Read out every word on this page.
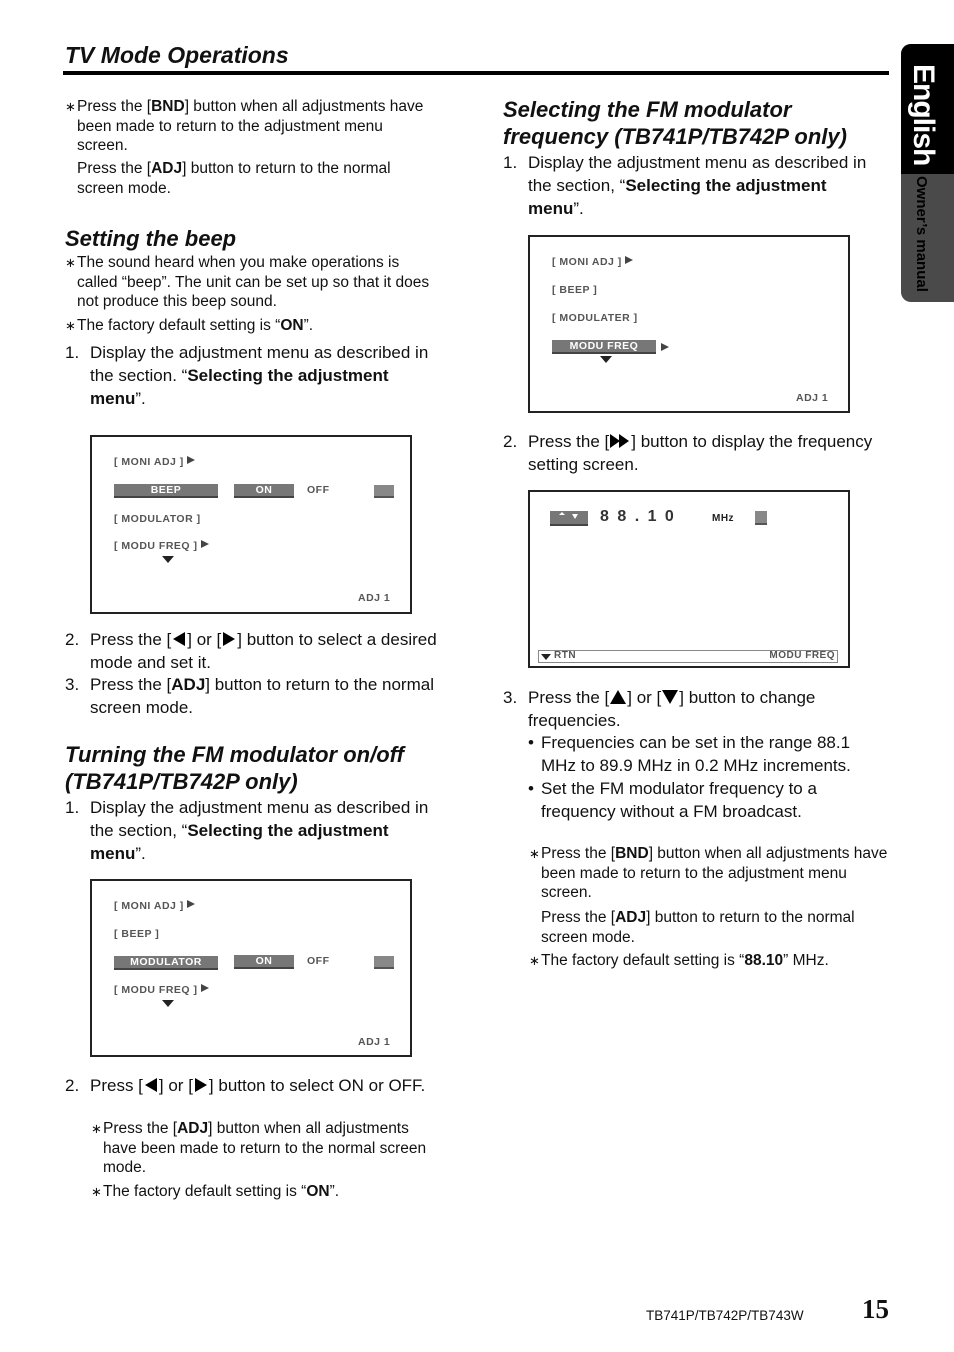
TV Mode Operations
English
Owner’s manual
∗ Press the [BND] button when all adjustments have been made to return to the adjustment menu screen.
Press the [ADJ] button to return to the normal screen mode.
Setting the beep
∗ The sound heard when you make operations is called “beep”. The unit can be set up so that it does not produce this beep sound.
∗ The factory default setting is “ON”.
1. Display the adjustment menu as described in the section. “Selecting the adjustment menu”.
[ MONI ADJ ]
BEEP	ON	OFF
[ MODULATOR ]
[ MODU FREQ ]
ADJ 1
2. Press the [ ] or [ ] button to select a desired mode and set it.
3. Press the [ADJ] button to return to the normal screen mode.
Turning the FM modulator on/off
(TB741P/TB742P only)
1. Display the adjustment menu as described in the section, “Selecting the adjustment menu”.
[ MONI ADJ ]
[ BEEP ]
MODULATOR	ON	OFF
[ MODU FREQ ]
ADJ 1
2. Press [ ] or [ ] button to select ON or OFF.
∗ Press the [ADJ] button when all adjustments have been made to return to the normal screen mode.
∗ The factory default setting is “ON”.
Selecting the FM modulator
frequency (TB741P/TB742P only)
1. Display the adjustment menu as described in the section, “Selecting the adjustment menu”.
[ MONI ADJ ]
[ BEEP ]
[ MODULATER ]
MODU FREQ
ADJ 1
2. Press the [ ] button to display the frequency setting screen.
8 8 . 1 0	MHz
RTN	MODU FREQ
3. Press the [ ] or [ ] button to change frequencies.
• Frequencies can be set in the range 88.1 MHz to 89.9 MHz in 0.2 MHz increments.
• Set the FM modulator frequency to a frequency without a FM broadcast.
∗ Press the [BND] button when all adjustments have been made to return to the adjustment menu screen.
Press the [ADJ] button to return to the normal screen mode.
∗ The factory default setting is “88.10” MHz.
TB741P/TB742P/TB743W 15
